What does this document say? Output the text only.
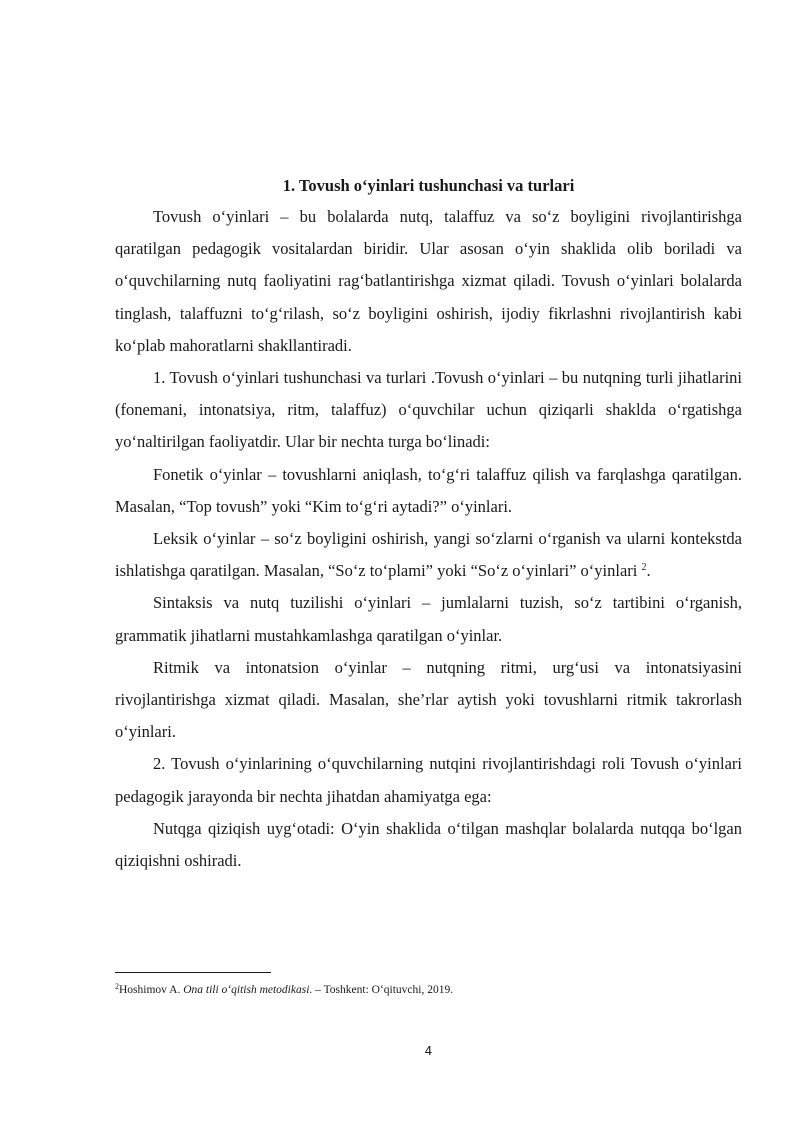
1. Tovush o‘yinlari tushunchasi va turlari

Tovush o‘yinlari – bu bolalarda nutq, talaffuz va so‘z boyligini rivojlantirishga qaratilgan pedagogik vositalardan biridir. Ular asosan o‘yin shaklida olib boriladi va o‘quvchilarning nutq faoliyatini rag‘batlantirishga xizmat qiladi. Tovush o‘yinlari bolalarda tinglash, talaffuzni to‘g‘rilash, so‘z boyligini oshirish, ijodiy fikrlashni rivojlantirish kabi ko‘plab mahoratlarni shakllantiradi.

1. Tovush o‘yinlari tushunchasi va turlari .Tovush o‘yinlari – bu nutqning turli jihatlarini (fonemani, intonatsiya, ritm, talaffuz) o‘quvchilar uchun qiziqarli shaklda o‘rgatishga yo‘naltirilgan faoliyatdir. Ular bir nechta turga bo‘linadi:

Fonetik o‘yinlar – tovushlarni aniqlash, to‘g‘ri talaffuz qilish va farqlashga qaratilgan. Masalan, “Top tovush” yoki “Kim to‘g‘ri aytadi?” o‘yinlari.

Leksik o‘yinlar – so‘z boyligini oshirish, yangi so‘zlarni o‘rganish va ularni kontekstda ishlatishga qaratilgan. Masalan, “So‘z to‘plami” yoki “So‘z o‘yinlari” o‘yinlari $^2$.

Sintaksis va nutq tuzilishi o‘yinlari – jumlalarni tuzish, so‘z tartibini o‘rganish, grammatik jihatlarni mustahkamlashga qaratilgan o‘yinlar.

Ritmik va intonatsion o‘yinlar – nutqning ritmi, urg‘usi va intonatsiyasini rivojlantirishga xizmat qiladi. Masalan, she’rlar aytish yoki tovushlarni ritmik takrorlash o‘yinlari.

2. Tovush o‘yinlarining o‘quvchilarning nutqini rivojlantirishdagi roli Tovush o‘yinlari pedagogik jarayonda bir nechta jihatdan ahamiyatga ega:

Nutqga qiziqish uyg‘otadi: O‘yin shaklida o‘tilgan mashqlar bolalarda nutqqa bo‘lgan qiziqishni oshiradi.

$^2$Hoshimov A. Ona tili o‘qitish metodikasi. – Toshkent: O‘qituvchi, 2019.
4
